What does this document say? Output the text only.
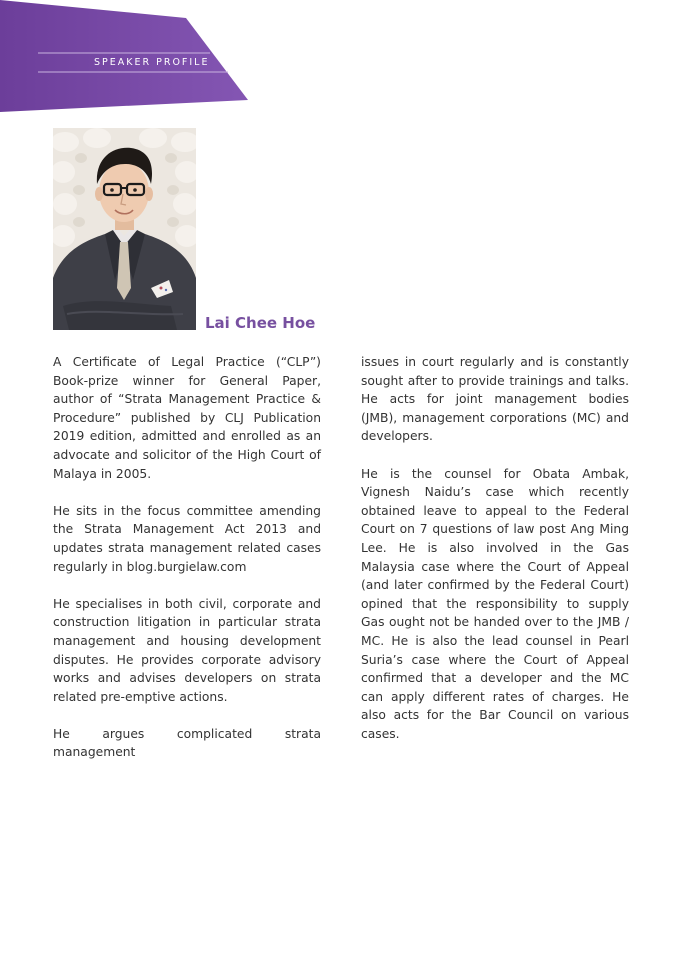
SPEAKER PROFILE
Lai Chee Hoe

A Certificate of Legal Practice (“CLP”) Book-prize winner for General Paper, author of “Strata Management Practice & Procedure” published by CLJ Publication 2019 edition, admitted and enrolled as an advocate and solicitor of the High Court of Malaya in 2005.

He sits in the focus committee amending the Strata Management Act 2013 and updates strata management related cases regularly in blog.burgielaw.com

He specialises in both civil, corporate and construction litigation in particular strata management and housing development disputes. He provides corporate advisory works and advises developers on strata related pre-emptive actions.

He argues complicated strata management

issues in court regularly and is constantly sought after to provide trainings and talks. He acts for joint management bodies (JMB), management corporations (MC) and developers.

He is the counsel for Obata Ambak, Vignesh Naidu’s case which recently obtained leave to appeal to the Federal Court on 7 questions of law post Ang Ming Lee. He is also involved in the Gas Malaysia case where the Court of Appeal (and later confirmed by the Federal Court) opined that the responsibility to supply Gas ought not be handed over to the JMB / MC. He is also the lead counsel in Pearl Suria’s case where the Court of Appeal confirmed that a developer and the MC can apply different rates of charges. He also acts for the Bar Council on various cases.
